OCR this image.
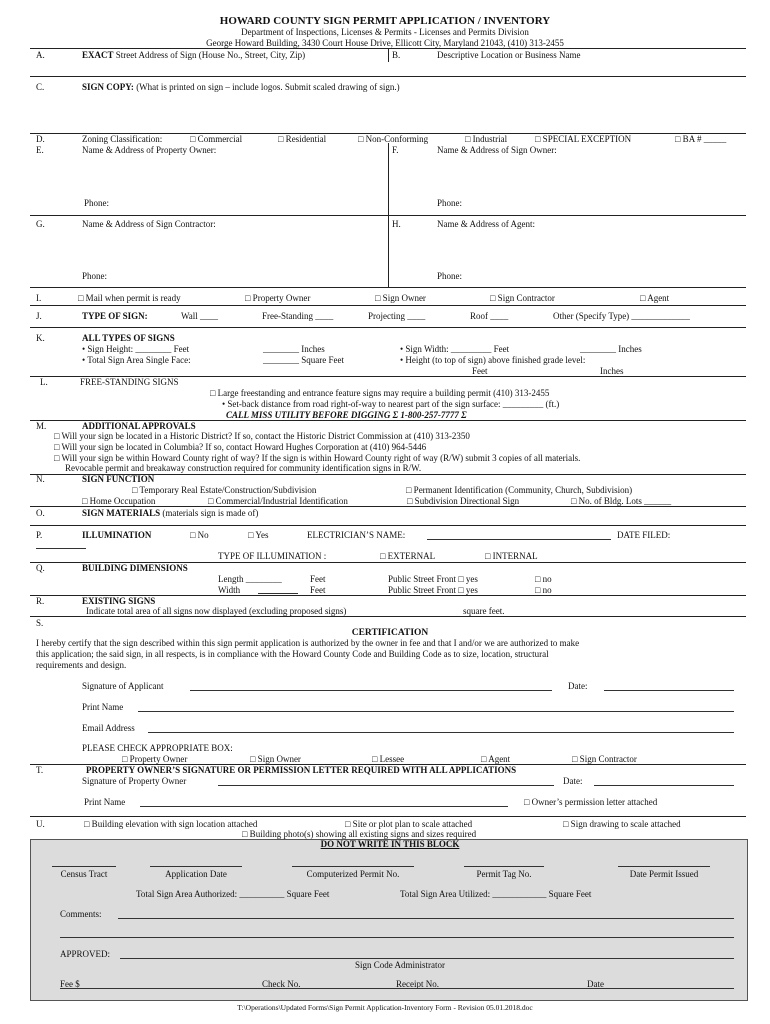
HOWARD COUNTY SIGN PERMIT APPLICATION / INVENTORY
Department of Inspections, Licenses & Permits - Licenses and Permits Division
George Howard Building, 3430 Court House Drive, Ellicott City, Maryland 21043, (410) 313-2455
A.	EXACT Street Address of Sign (House No., Street, City, Zip)	B.	Descriptive Location or Business Name
C.	SIGN COPY: (What is printed on sign – include logos. Submit scaled drawing of sign.)
D.	Zoning Classification:	□ Commercial	□ Residential	□ Non-Conforming	□ Industrial	□ SPECIAL EXCEPTION	□ BA # _____
E.	Name & Address of Property Owner:	F.	Name & Address of Sign Owner:
Phone:	Phone:
G.	Name & Address of Sign Contractor:	H.	Name & Address of Agent:
Phone:	Phone:
I.	□ Mail when permit is ready	□ Property Owner	□ Sign Owner	□ Sign Contractor	□ Agent
J.	TYPE OF SIGN:	Wall ____	Free-Standing ____	Projecting ____	Roof ____	Other (Specify Type) _____________
K.	ALL TYPES OF SIGNS
• Sign Height: ________ Feet	________ Inches	• Sign Width: _________ Feet	________ Inches
• Total Sign Area Single Face:	________ Square Feet	• Height (to top of sign) above finished grade level:
Feet	Inches
L.	FREE-STANDING SIGNS
□ Large freestanding and entrance feature signs may require a building permit (410) 313-2455
• Set-back distance from road right-of-way to nearest part of the sign surface: _________ (ft.)
CALL MISS UTILITY BEFORE DIGGING Σ 1-800-257-7777 Σ
M.	ADDITIONAL APPROVALS
□ Will your sign be located in a Historic District? If so, contact the Historic District Commission at (410) 313-2350
□ Will your sign be located in Columbia? If so, contact Howard Hughes Corporation at (410) 964-5446
□ Will your sign be within Howard County right of way? If the sign is within Howard County right of way (R/W) submit 3 copies of all materials.
Revocable permit and breakaway construction required for community identification signs in R/W.
N.	SIGN FUNCTION
□ Temporary Real Estate/Construction/Subdivision	□ Permanent Identification (Community, Church, Subdivision)
□ Home Occupation	□ Commercial/Industrial Identification	□ Subdivision Directional Sign	□ No. of Bldg. Lots ______
O.	SIGN MATERIALS (materials sign is made of)
P.	ILLUMINATION	□ No	□ Yes	ELECTRICIAN’S NAME:	DATE FILED:
TYPE OF ILLUMINATION :	□ EXTERNAL	□ INTERNAL
Q.	BUILDING DIMENSIONS
Length ________	Feet	Public Street Front □ yes	□ no
Width	Feet	Public Street Front □ yes	□ no
R.	EXISTING SIGNS
Indicate total area of all signs now displayed (excluding proposed signs)	square feet.
S.
CERTIFICATION
I hereby certify that the sign described within this sign permit application is authorized by the owner in fee and that I and/or we are authorized to make
this application; the said sign, in all respects, is in compliance with the Howard County Code and Building Code as to size, location, structural
requirements and design.
Signature of Applicant	Date:
Print Name
Email Address
PLEASE CHECK APPROPRIATE BOX:
□ Property Owner	□ Sign Owner	□ Lessee	□ Agent	□ Sign Contractor
T.	PROPERTY OWNER’S SIGNATURE OR PERMISSION LETTER REQUIRED WITH ALL APPLICATIONS
Signature of Property Owner	Date:
Print Name	□ Owner’s permission letter attached
U.	□ Building elevation with sign location attached	□ Site or plot plan to scale attached	□ Sign drawing to scale attached
□ Building photo(s) showing all existing signs and sizes required
DO NOT WRITE IN THIS BLOCK
Census Tract	Application Date	Computerized Permit No.	Permit Tag No.	Date Permit Issued
Total Sign Area Authorized: __________ Square Feet	Total Sign Area Utilized: ____________ Square Feet
Comments:
APPROVED:
Sign Code Administrator
Fee $	Check No.	Receipt No.	Date
T:\Operations\Updated Forms\Sign Permit Application-Inventory Form - Revision 05.01.2018.doc
